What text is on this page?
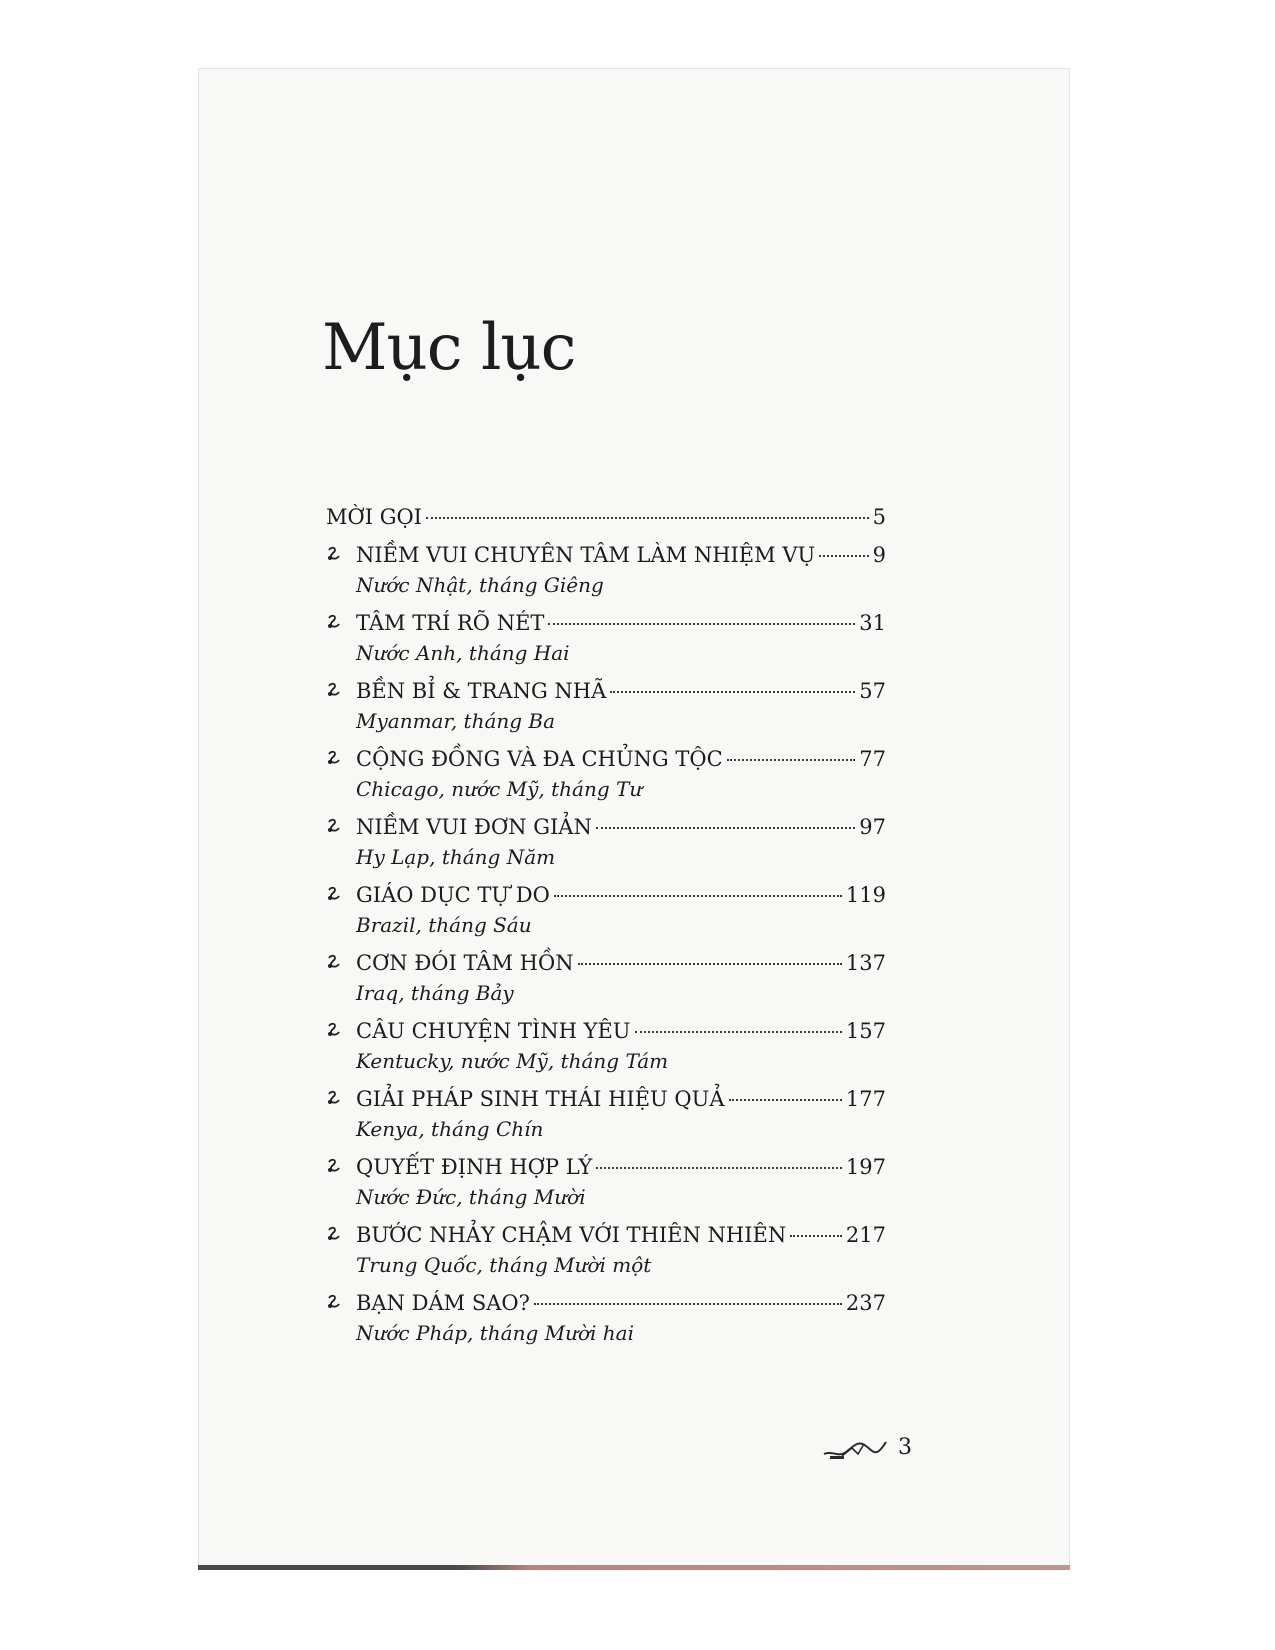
Mục lục
MỜI GỌI	5
NIỀM VUI CHUYÊN TÂM LÀM NHIỆM VỤ	9
Nước Nhật, tháng Giêng
TÂM TRÍ RÕ NÉT	31
Nước Anh, tháng Hai
BỀN BỈ & TRANG NHÃ	57
Myanmar, tháng Ba
CỘNG ĐỒNG VÀ ĐA CHỦNG TỘC	77
Chicago, nước Mỹ, tháng Tư
NIỀM VUI ĐƠN GIẢN	97
Hy Lạp, tháng Năm
GIÁO DỤC TỰ DO	119
Brazil, tháng Sáu
CƠN ĐÓI TÂM HỒN	137
Iraq, tháng Bảy
CÂU CHUYỆN TÌNH YÊU	157
Kentucky, nước Mỹ, tháng Tám
GIẢI PHÁP SINH THÁI HIỆU QUẢ	177
Kenya, tháng Chín
QUYẾT ĐỊNH HỢP LÝ	197
Nước Đức, tháng Mười
BƯỚC NHẢY CHẬM VỚI THIÊN NHIÊN	217
Trung Quốc, tháng Mười một
BẠN DÁM SAO?	237
Nước Pháp, tháng Mười hai
3
